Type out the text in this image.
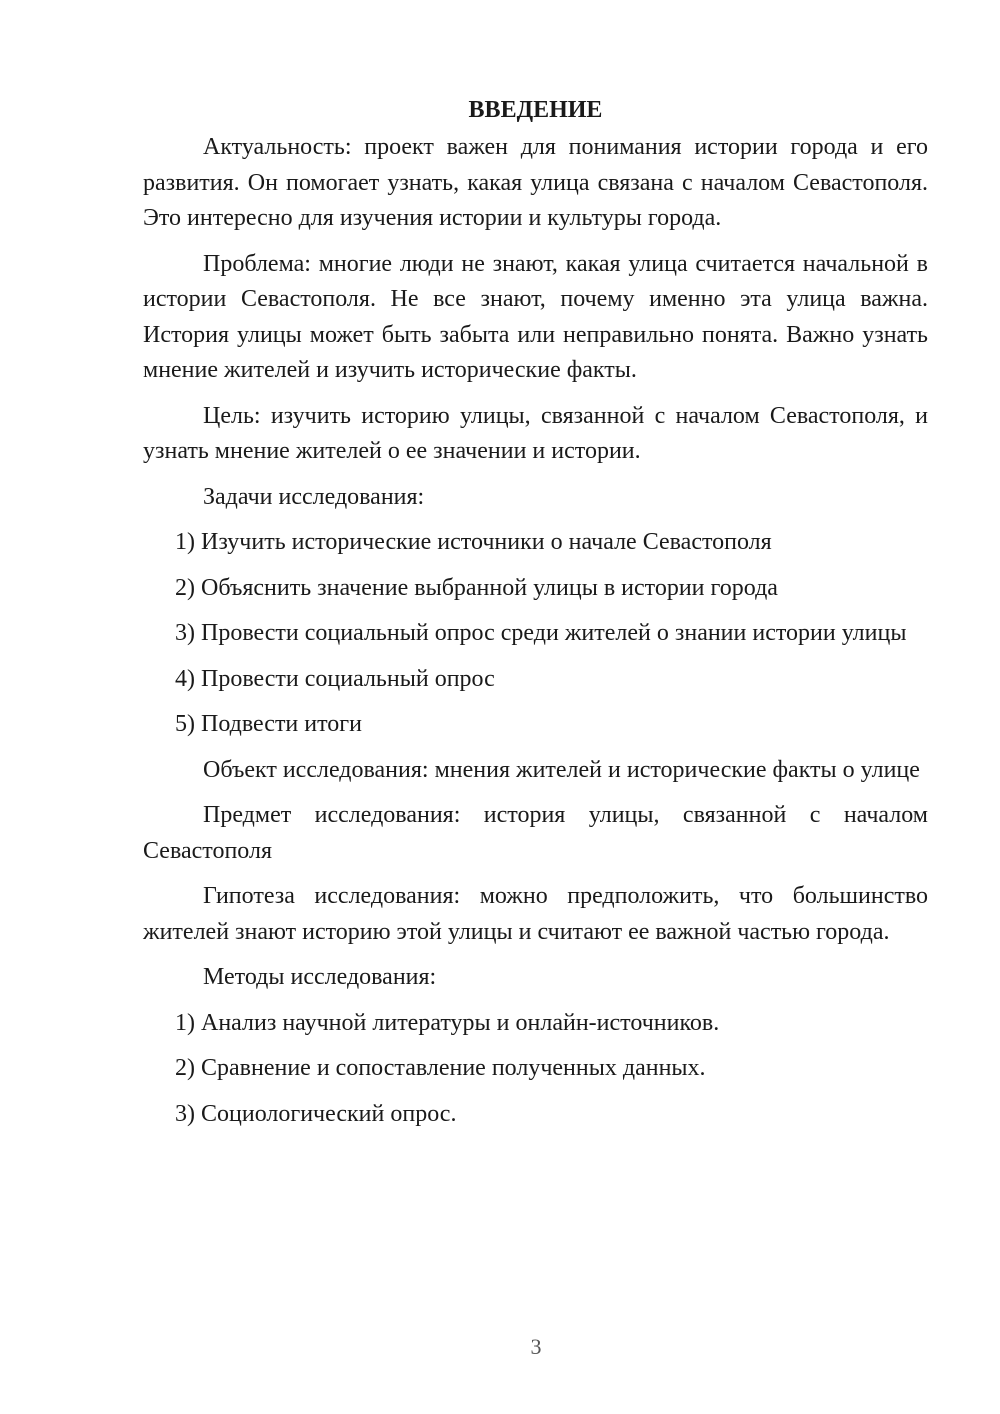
ВВЕДЕНИЕ

Актуальность: проект важен для понимания истории города и его развития. Он помогает узнать, какая улица связана с началом Севастополя. Это интересно для изучения истории и культуры города.

Проблема: многие люди не знают, какая улица считается начальной в истории Севастополя. Не все знают, почему именно эта улица важна. История улицы может быть забыта или неправильно понята. Важно узнать мнение жителей и изучить исторические факты.

Цель: изучить историю улицы, связанной с началом Севастополя, и узнать мнение жителей о ее значении и истории.

Задачи исследования:

1) Изучить исторические источники о начале Севастополя
2) Объяснить значение выбранной улицы в истории города
3) Провести социальный опрос среди жителей о знании истории улицы
4) Провести социальный опрос
5) Подвести итоги

Объект исследования: мнения жителей и исторические факты о улице

Предмет исследования: история улицы, связанной с началом Севастополя

Гипотеза исследования: можно предположить, что большинство жителей знают историю этой улицы и считают ее важной частью города.

Методы исследования:

1) Анализ научной литературы и онлайн-источников.
2) Сравнение и сопоставление полученных данных.
3) Социологический опрос.
3
